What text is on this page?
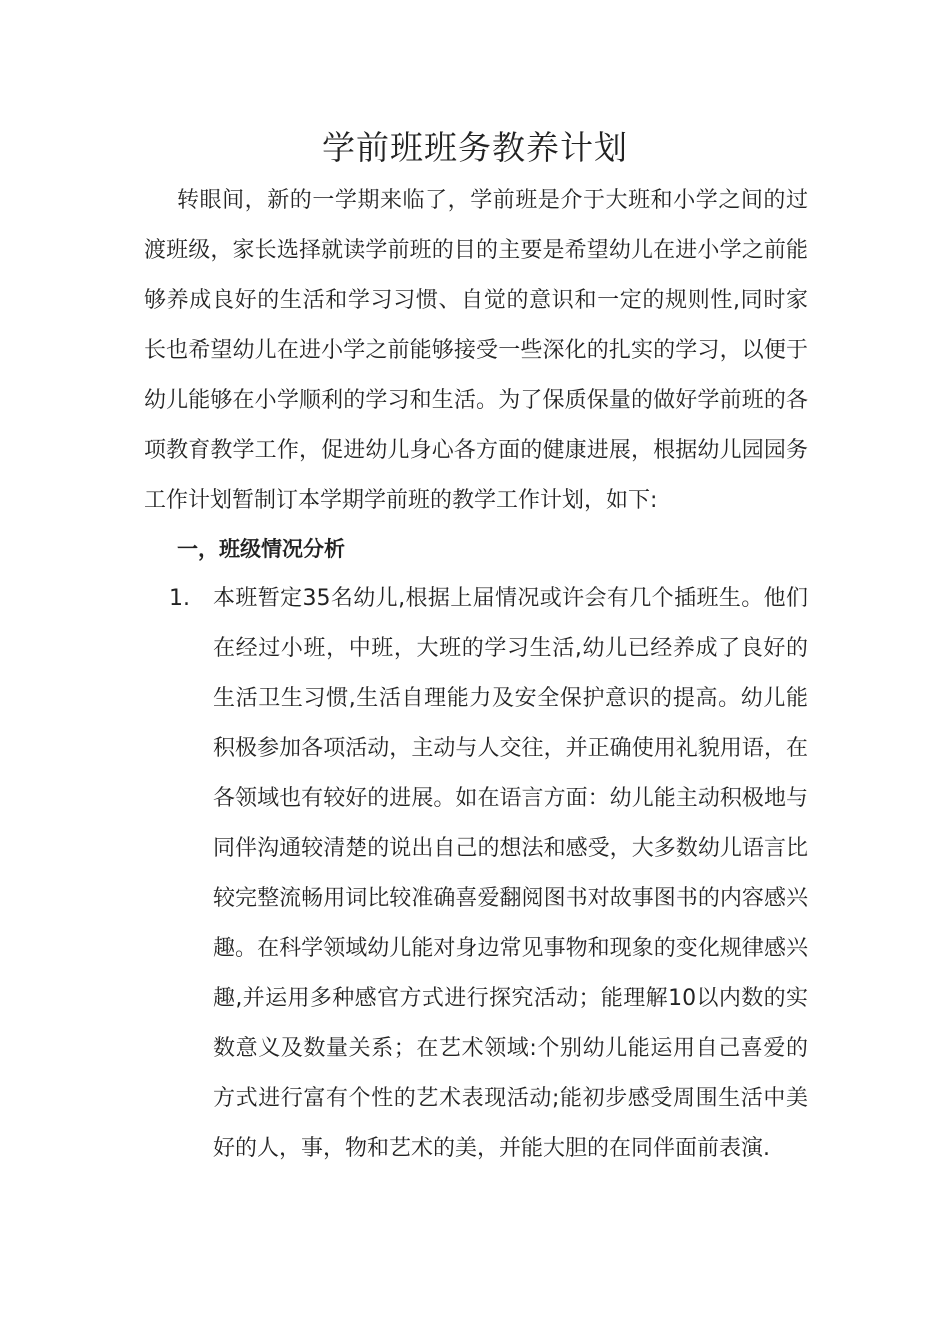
学前班班务教养计划

转眼间，新的一学期来临了，学前班是介于大班和小学之间的过渡班级，家长选择就读学前班的目的主要是希望幼儿在进小学之前能够养成良好的生活和学习习惯、自觉的意识和一定的规则性,同时家长也希望幼儿在进小学之前能够接受一些深化的扎实的学习，以便于幼儿能够在小学顺利的学习和生活。为了保质保量的做好学前班的各项教育教学工作，促进幼儿身心各方面的健康进展，根据幼儿园园务工作计划暂制订本学期学前班的教学工作计划，如下:

一，班级情况分析
1. 本班暂定35名幼儿,根据上届情况或许会有几个插班生。他们在经过小班，中班，大班的学习生活,幼儿已经养成了良好的生活卫生习惯,生活自理能力及安全保护意识的提高。幼儿能积极参加各项活动，主动与人交往，并正确使用礼貌用语，在各领域也有较好的进展。如在语言方面：幼儿能主动积极地与同伴沟通较清楚的说出自己的想法和感受，大多数幼儿语言比较完整流畅用词比较准确喜爱翻阅图书对故事图书的内容感兴趣。在科学领域幼儿能对身边常见事物和现象的变化规律感兴趣,并运用多种感官方式进行探究活动；能理解10以内数的实数意义及数量关系；在艺术领域:个别幼儿能运用自己喜爱的方式进行富有个性的艺术表现活动;能初步感受周围生活中美好的人，事，物和艺术的美，并能大胆的在同伴面前表演.
